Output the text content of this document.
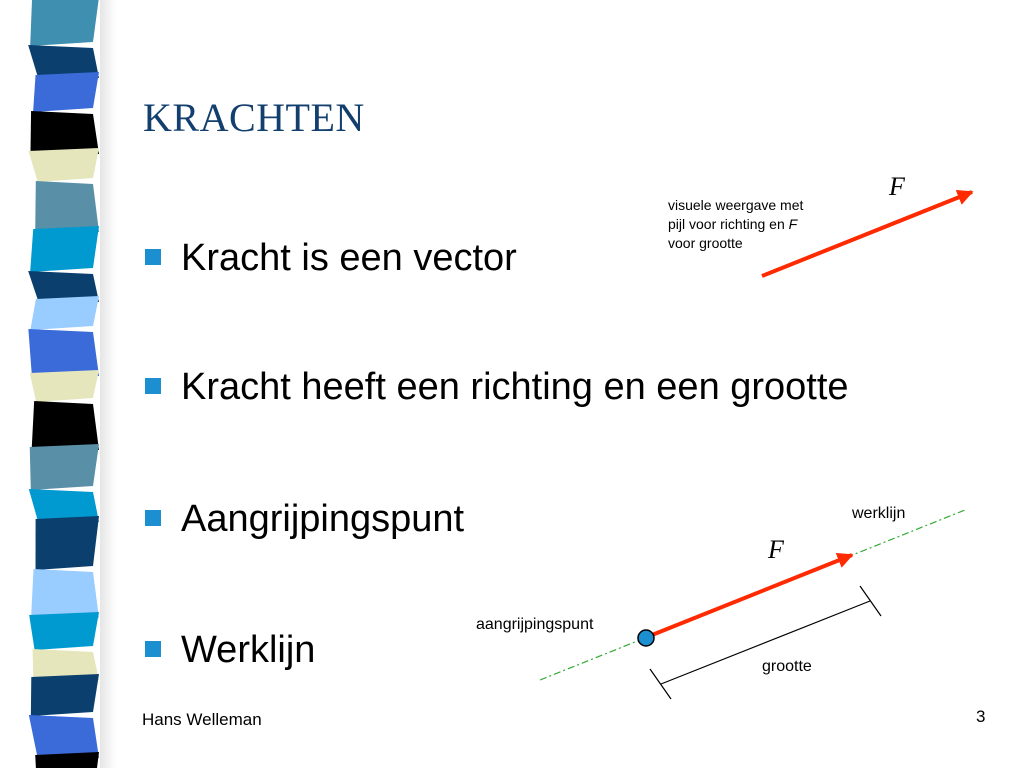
KRACHTEN
Kracht is een vector
Kracht heeft een richting en een grootte
Aangrijpingspunt
Werklijn
visuele weergave met
pijl voor richting en F
voor grootte
F
F
werklijn
aangrijpingspunt
grootte
Hans Welleman	3
